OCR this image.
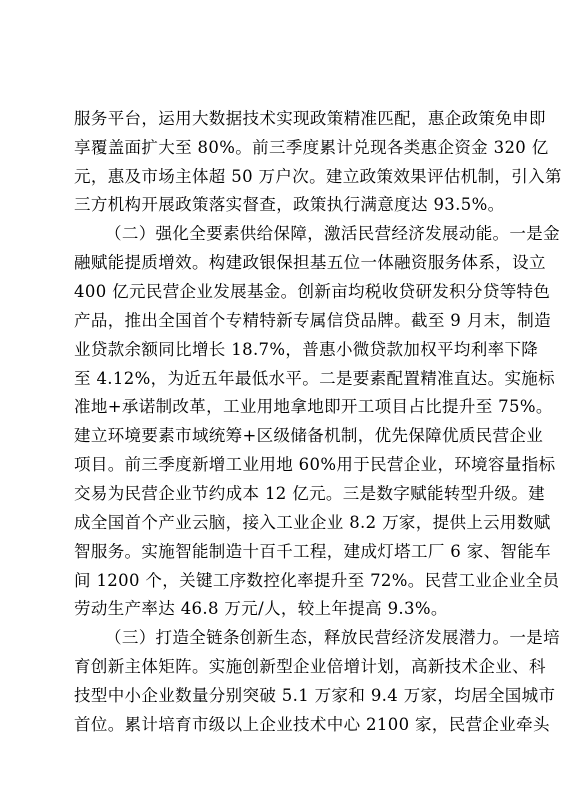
服务平台，运用大数据技术实现政策精准匹配，惠企政策免申即
享覆盖面扩大至 80%。前三季度累计兑现各类惠企资金 320 亿
元，惠及市场主体超 50 万户次。建立政策效果评估机制，引入第
三方机构开展政策落实督查，政策执行满意度达 93.5%。
（二）强化全要素供给保障，激活民营经济发展动能。一是金
融赋能提质增效。构建政银保担基五位一体融资服务体系，设立
400 亿元民营企业发展基金。创新亩均税收贷研发积分贷等特色
产品，推出全国首个专精特新专属信贷品牌。截至 9 月末，制造
业贷款余额同比增长 18.7%，普惠小微贷款加权平均利率下降
至 4.12%，为近五年最低水平。二是要素配置精准直达。实施标
准地+承诺制改革，工业用地拿地即开工项目占比提升至 75%。
建立环境要素市域统筹+区级储备机制，优先保障优质民营企业
项目。前三季度新增工业用地 60%用于民营企业，环境容量指标
交易为民营企业节约成本 12 亿元。三是数字赋能转型升级。建
成全国首个产业云脑，接入工业企业 8.2 万家，提供上云用数赋
智服务。实施智能制造十百千工程，建成灯塔工厂 6 家、智能车
间 1200 个，关键工序数控化率提升至 72%。民营工业企业全员
劳动生产率达 46.8 万元/人，较上年提高 9.3%。
（三）打造全链条创新生态，释放民营经济发展潜力。一是培
育创新主体矩阵。实施创新型企业倍增计划，高新技术企业、科
技型中小企业数量分别突破 5.1 万家和 9.4 万家，均居全国城市
首位。累计培育市级以上企业技术中心 2100 家，民营企业牵头
